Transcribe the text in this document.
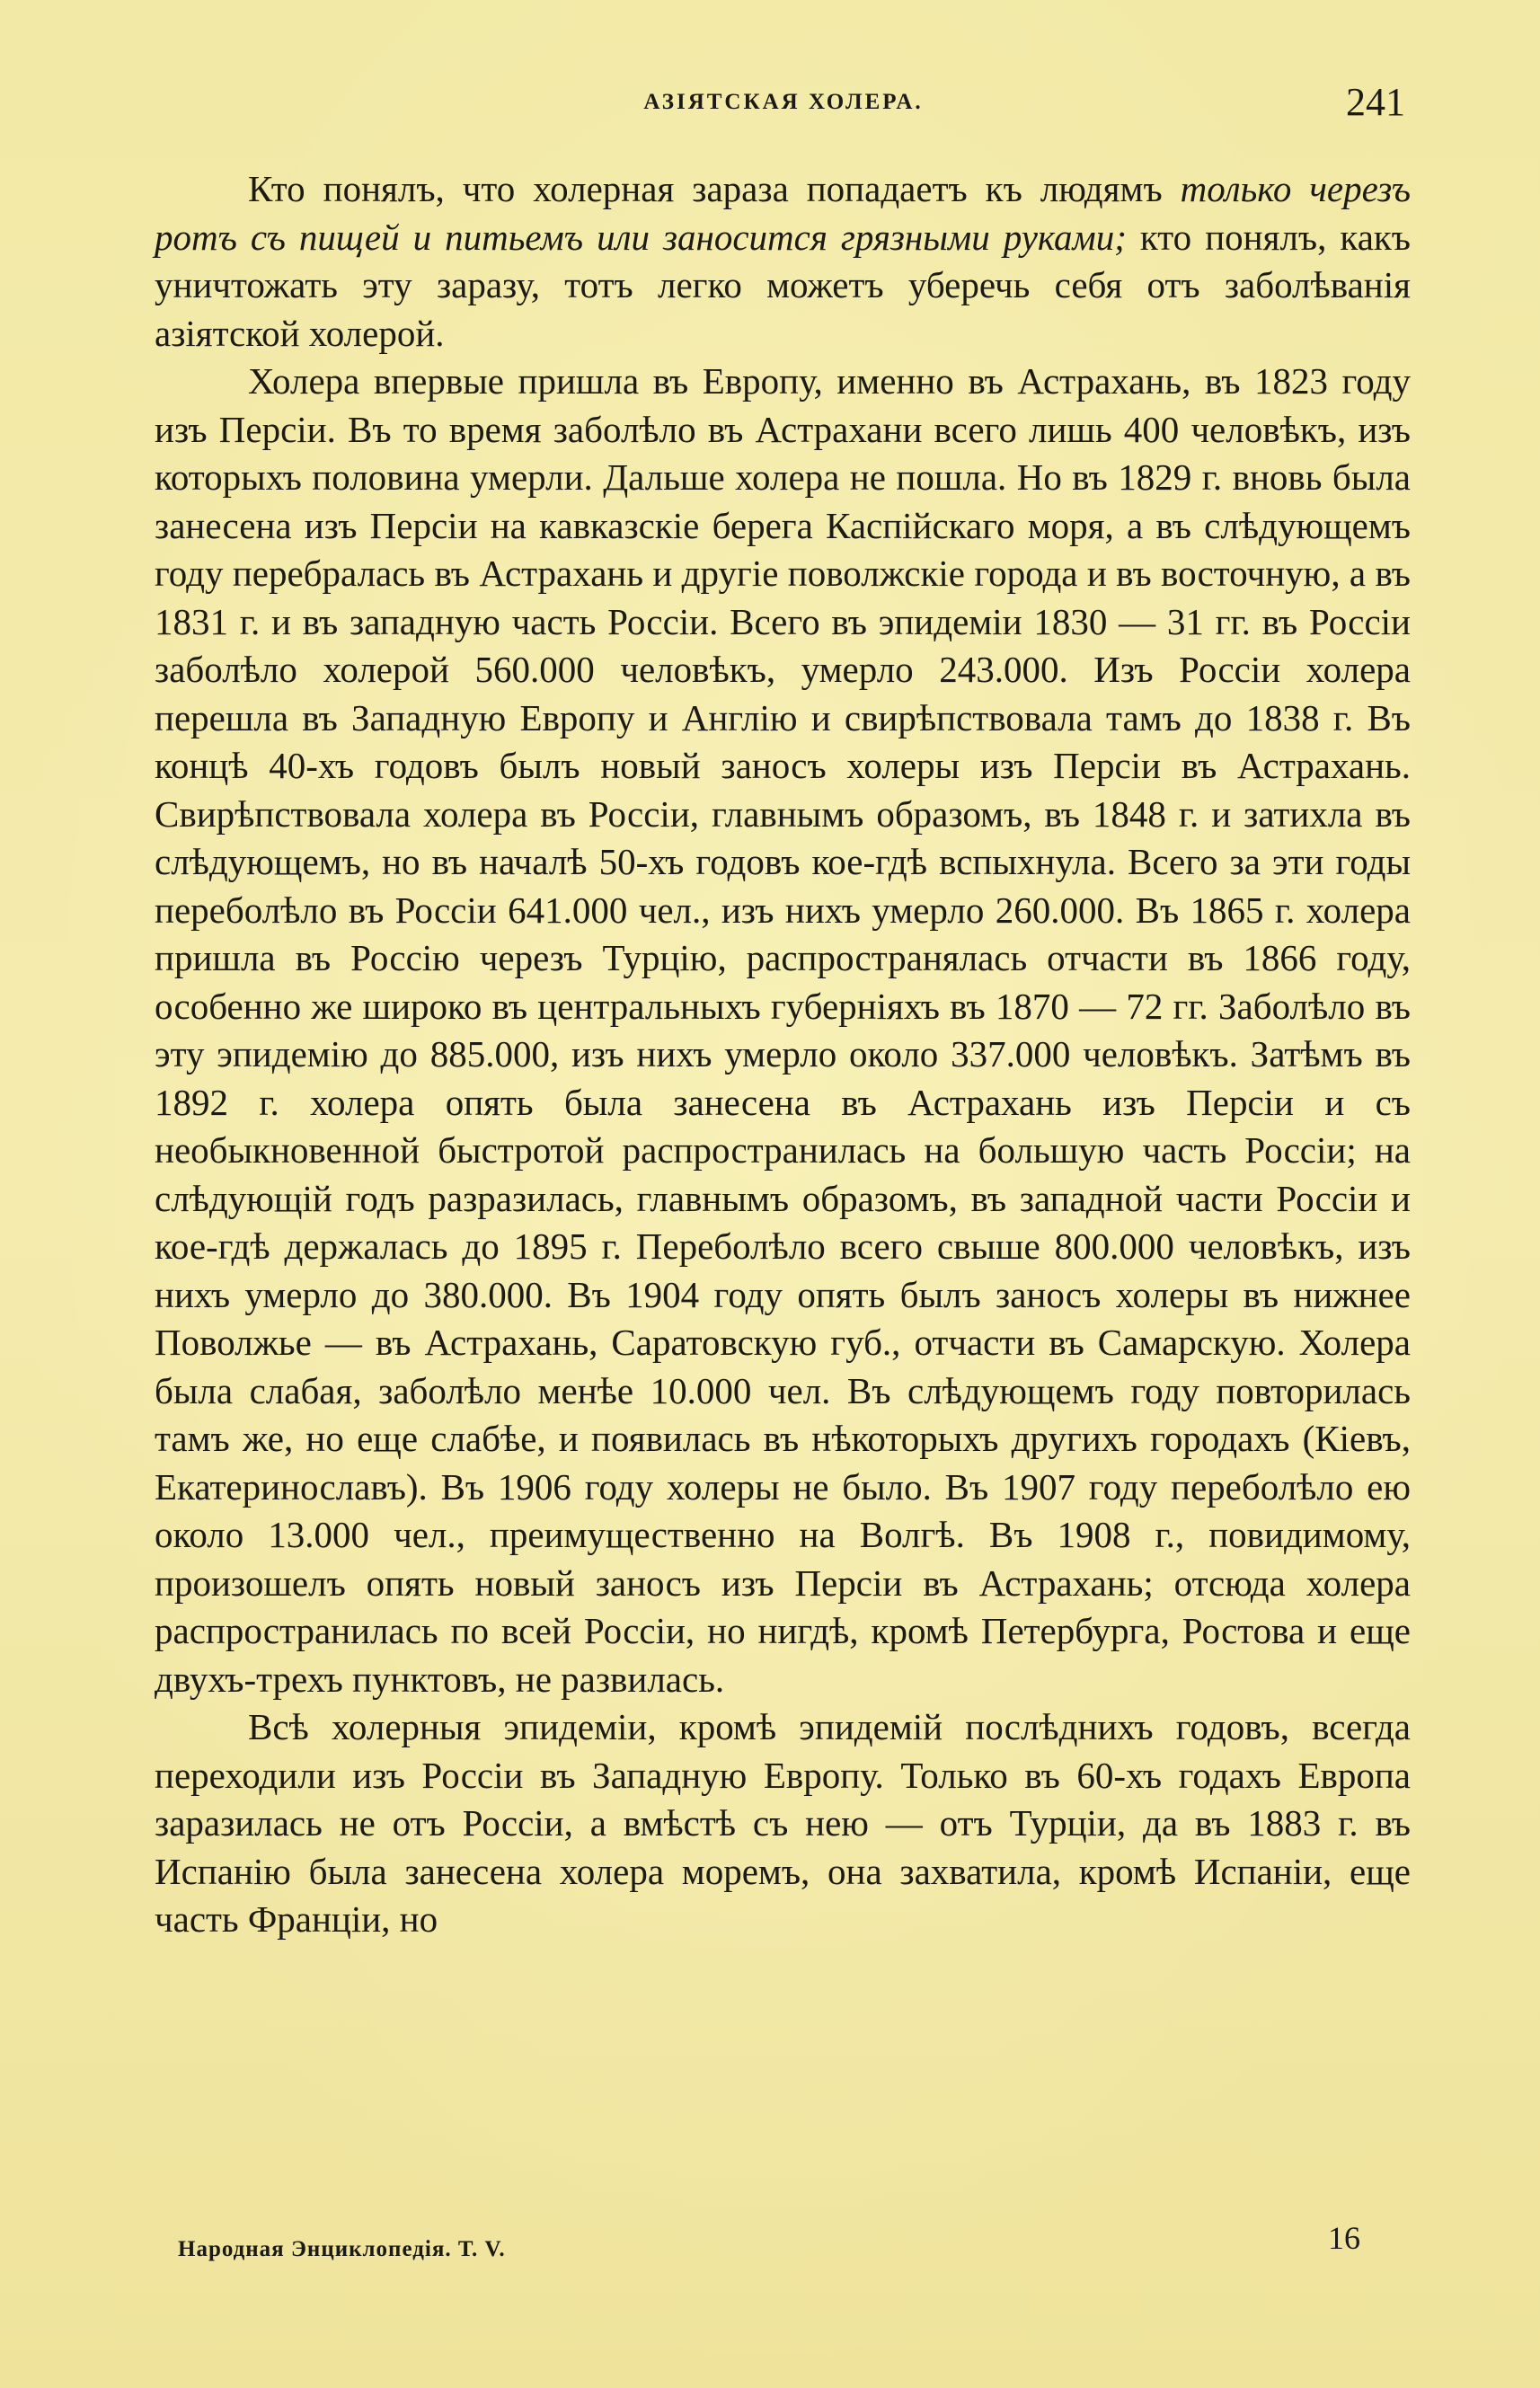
АЗІЯТСКАЯ ХОЛЕРА.	241

Кто понялъ, что холерная зараза попадаетъ къ людямъ только черезъ ротъ съ пищей и питьемъ или заносится грязными руками; кто понялъ, какъ уничтожать эту заразу, тотъ легко можетъ уберечь себя отъ заболѣванія азіятской холерой.

Холера впервые пришла въ Европу, именно въ Астрахань, въ 1823 году изъ Персіи. Въ то время заболѣло въ Астрахани всего лишь 400 человѣкъ, изъ которыхъ половина умерли. Дальше холера не пошла. Но въ 1829 г. вновь была занесена изъ Персіи на кавказскіе берега Каспійскаго моря, а въ слѣдующемъ году перебралась въ Астрахань и другіе поволжскіе города и въ восточную, а въ 1831 г. и въ западную часть Россіи. Всего въ эпидеміи 1830 — 31 гг. въ Россіи заболѣло холерой 560.000 человѣкъ, умерло 243.000. Изъ Россіи холера перешла въ Западную Европу и Англію и свирѣпствовала тамъ до 1838 г. Въ концѣ 40-хъ годовъ былъ новый заносъ холеры изъ Персіи въ Астрахань. Свирѣпствовала холера въ Россіи, главнымъ образомъ, въ 1848 г. и затихла въ слѣдующемъ, но въ началѣ 50-хъ годовъ кое-гдѣ вспыхнула. Всего за эти годы переболѣло въ Россіи 641.000 чел., изъ нихъ умерло 260.000. Въ 1865 г. холера пришла въ Россію черезъ Турцію, распространялась отчасти въ 1866 году, особенно же широко въ центральныхъ губерніяхъ въ 1870 — 72 гг. Заболѣло въ эту эпидемію до 885.000, изъ нихъ умерло около 337.000 человѣкъ. Затѣмъ въ 1892 г. холера опять была занесена въ Астрахань изъ Персіи и съ необыкновенной быстротой распространилась на большую часть Россіи; на слѣдующій годъ разразилась, главнымъ образомъ, въ западной части Россіи и кое-гдѣ держалась до 1895 г. Переболѣло всего свыше 800.000 человѣкъ, изъ нихъ умерло до 380.000. Въ 1904 году опять былъ заносъ холеры въ нижнее Поволжье — въ Астрахань, Саратовскую губ., отчасти въ Самарскую. Холера была слабая, заболѣло менѣе 10.000 чел. Въ слѣдующемъ году повторилась тамъ же, но еще слабѣе, и появилась въ нѣкоторыхъ другихъ городахъ (Кіевъ, Екатеринославъ). Въ 1906 году холеры не было. Въ 1907 году переболѣло ею около 13.000 чел., преимущественно на Волгѣ. Въ 1908 г., повидимому, произошелъ опять новый заносъ изъ Персіи въ Астрахань; отсюда холера распространилась по всей Россіи, но нигдѣ, кромѣ Петербурга, Ростова и еще двухъ-трехъ пунктовъ, не развилась.

Всѣ холерныя эпидеміи, кромѣ эпидемій послѣднихъ годовъ, всегда переходили изъ Россіи въ Западную Европу. Только въ 60-хъ годахъ Европа заразилась не отъ Россіи, а вмѣстѣ съ нею — отъ Турціи, да въ 1883 г. въ Испанію была занесена холера моремъ, она захватила, кромѣ Испаніи, еще часть Франціи, но

Народная Энциклопедія. Т. V.	16
